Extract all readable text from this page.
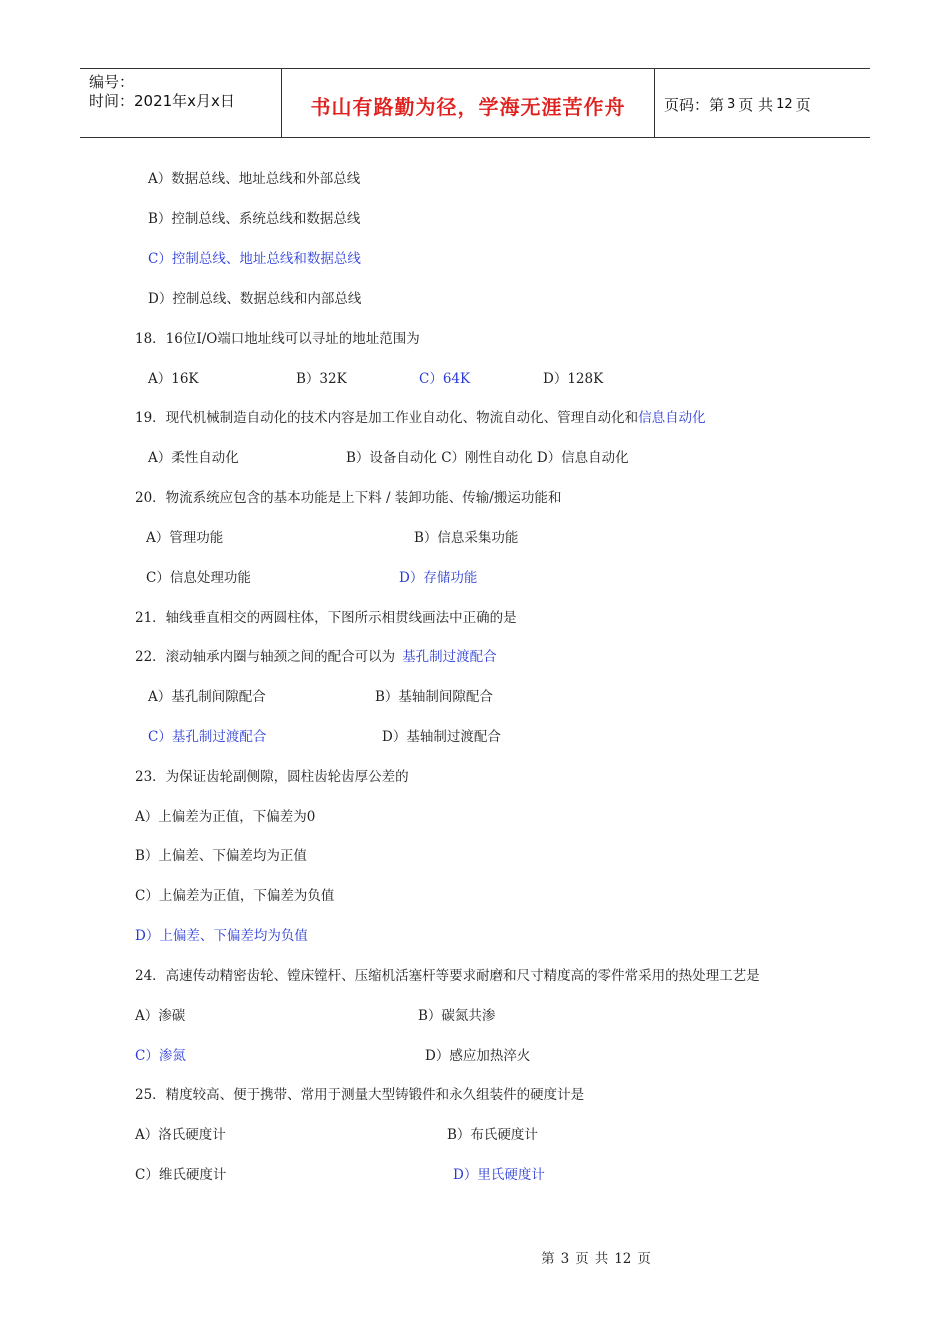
编号：
时间：2021年x月x日	书山有路勤为径，学海无涯苦作舟	页码：第 3 页 共 12 页
A）数据总线、地址总线和外部总线
B）控制总线、系统总线和数据总线
C）控制总线、地址总线和数据总线
D）控制总线、数据总线和内部总线
18．16位I/O端口地址线可以寻址的地址范围为
A）16K	B）32K	C）64K	D）128K
19．现代机械制造自动化的技术内容是加工作业自动化、物流自动化、管理自动化和信息自动化
A）柔性自动化	B）设备自动化 C）刚性自动化 D）信息自动化
20．物流系统应包含的基本功能是上下料 / 装卸功能、传输/搬运功能和
A）管理功能	B）信息采集功能
C）信息处理功能	D）存储功能
21．轴线垂直相交的两圆柱体，下图所示相贯线画法中正确的是
22．滚动轴承内圈与轴颈之间的配合可以为 基孔制过渡配合
A）基孔制间隙配合	B）基轴制间隙配合
C）基孔制过渡配合	D）基轴制过渡配合
23．为保证齿轮副侧隙，圆柱齿轮齿厚公差的
A）上偏差为正值，下偏差为0
B）上偏差、下偏差均为正值
C）上偏差为正值，下偏差为负值
D）上偏差、下偏差均为负值
24．高速传动精密齿轮、镗床镗杆、压缩机活塞杆等要求耐磨和尺寸精度高的零件常采用的热处理工艺是
A）渗碳	B）碳氮共渗
C）渗氮	D）感应加热淬火
25．精度较高、便于携带、常用于测量大型铸锻件和永久组装件的硬度计是
A）洛氏硬度计	B）布氏硬度计
C）维氏硬度计	D）里氏硬度计
第 3 页 共 12 页
